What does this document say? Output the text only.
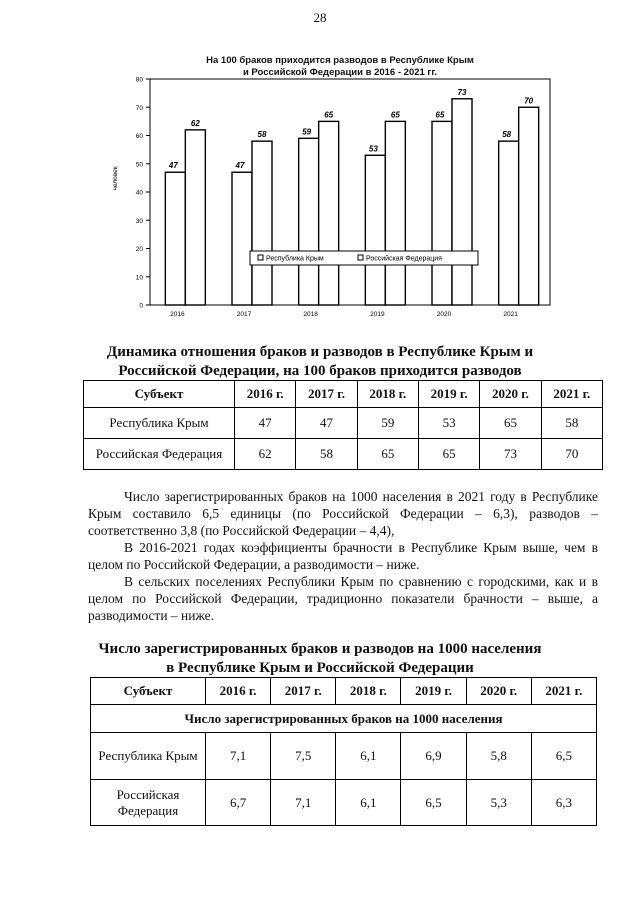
28
На 100 браков приходится разводов в Республике Крым
и Российской Федерации в 2016 - 2021 гг.
0
10
20
30
40
50
60
70
80
человек
47
62
2016
47
58
2017
59
65
2018
53
65
2019
65
73
2020
58
70
2021
Республика Крым	Российская Федерация
Динамика отношения браков и разводов в Республике Крым и
Российской Федерации, на 100 браков приходится разводов
Субъект	2016 г.	2017 г.	2018 г.	2019 г.	2020 г.	2021 г.
Республика Крым	47	47	59	53	65	58
Российская Федерация	62	58	65	65	73	70

Число зарегистрированных браков на 1000 населения в 2021 году в Республике Крым составило 6,5 единицы (по Российской Федерации – 6,3), разводов – соответственно 3,8 (по Российской Федерации – 4,4),

В 2016-2021 годах коэффициенты брачности в Республике Крым выше, чем в целом по Российской Федерации, а разводимости – ниже.

В сельских поселениях Республики Крым по сравнению с городскими, как и в целом по Российской Федерации, традиционно показатели брачности – выше, а разводимости – ниже.

Число зарегистрированных браков и разводов на 1000 населения
в Республике Крым и Российской Федерации
Субъект	2016 г.	2017 г.	2018 г.	2019 г.	2020 г.	2021 г.
Число зарегистрированных браков на 1000 населения						
Республика Крым	7,1	7,5	6,1	6,9	5,8	6,5
Российская Федерация	6,7	7,1	6,1	6,5	5,3	6,3
